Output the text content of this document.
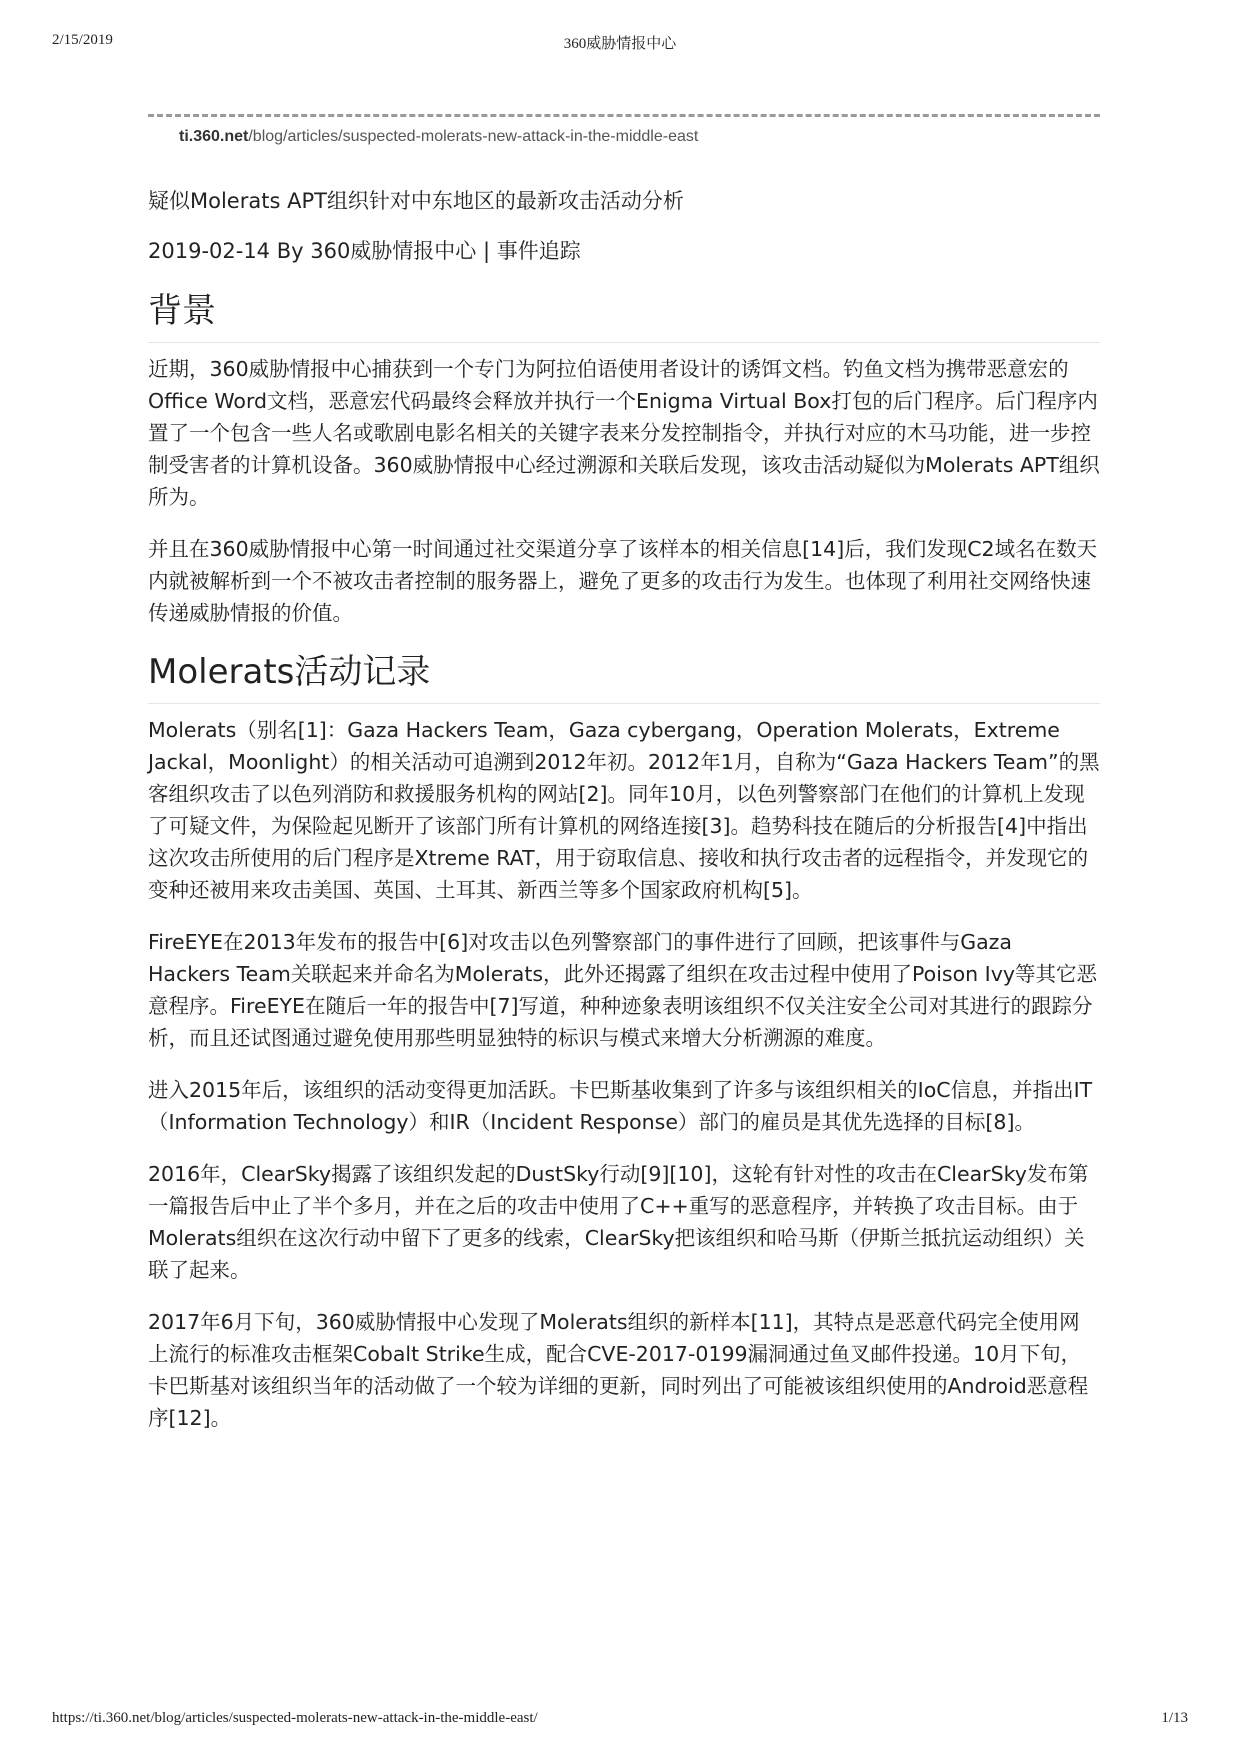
2/15/2019	360威胁情报中心
ti.360.net/blog/articles/suspected-molerats-new-attack-in-the-middle-east
疑似Molerats APT组织针对中东地区的最新攻击活动分析
2019-02-14 By 360威胁情报中心 | 事件追踪
背景

近期，360威胁情报中心捕获到一个专门为阿拉伯语使用者设计的诱饵文档。钓鱼文档为携带恶意宏的Office Word文档，恶意宏代码最终会释放并执行一个Enigma Virtual Box打包的后门程序。后门程序内置了一个包含一些人名或歌剧电影名相关的关键字表来分发控制指令，并执行对应的木马功能，进一步控制受害者的计算机设备。360威胁情报中心经过溯源和关联后发现，该攻击活动疑似为Molerats APT组织所为。

并且在360威胁情报中心第一时间通过社交渠道分享了该样本的相关信息[14]后，我们发现C2域名在数天内就被解析到一个不被攻击者控制的服务器上，避免了更多的攻击行为发生。也体现了利用社交网络快速传递威胁情报的价值。

Molerats活动记录

Molerats（别名[1]：Gaza Hackers Team，Gaza cybergang，Operation Molerats，Extreme Jackal，Moonlight）的相关活动可追溯到2012年初。2012年1月，自称为“Gaza Hackers Team”的黑客组织攻击了以色列消防和救援服务机构的网站[2]。同年10月，以色列警察部门在他们的计算机上发现了可疑文件，为保险起见断开了该部门所有计算机的网络连接[3]。趋势科技在随后的分析报告[4]中指出这次攻击所使用的后门程序是Xtreme RAT，用于窃取信息、接收和执行攻击者的远程指令，并发现它的变种还被用来攻击美国、英国、土耳其、新西兰等多个国家政府机构[5]。

FireEYE在2013年发布的报告中[6]对攻击以色列警察部门的事件进行了回顾，把该事件与Gaza Hackers Team关联起来并命名为Molerats，此外还揭露了组织在攻击过程中使用了Poison Ivy等其它恶意程序。FireEYE在随后一年的报告中[7]写道，种种迹象表明该组织不仅关注安全公司对其进行的跟踪分析，而且还试图通过避免使用那些明显独特的标识与模式来增大分析溯源的难度。

进入2015年后，该组织的活动变得更加活跃。卡巴斯基收集到了许多与该组织相关的IoC信息，并指出IT（Information Technology）和IR（Incident Response）部门的雇员是其优先选择的目标[8]。

2016年，ClearSky揭露了该组织发起的DustSky行动[9][10]，这轮有针对性的攻击在ClearSky发布第一篇报告后中止了半个多月，并在之后的攻击中使用了C++重写的恶意程序，并转换了攻击目标。由于Molerats组织在这次行动中留下了更多的线索，ClearSky把该组织和哈马斯（伊斯兰抵抗运动组织）关联了起来。

2017年6月下旬，360威胁情报中心发现了Molerats组织的新样本[11]，其特点是恶意代码完全使用网上流行的标准攻击框架Cobalt Strike生成，配合CVE-2017-0199漏洞通过鱼叉邮件投递。10月下旬，卡巴斯基对该组织当年的活动做了一个较为详细的更新，同时列出了可能被该组织使用的Android恶意程序[12]。

https://ti.360.net/blog/articles/suspected-molerats-new-attack-in-the-middle-east/	1/13
